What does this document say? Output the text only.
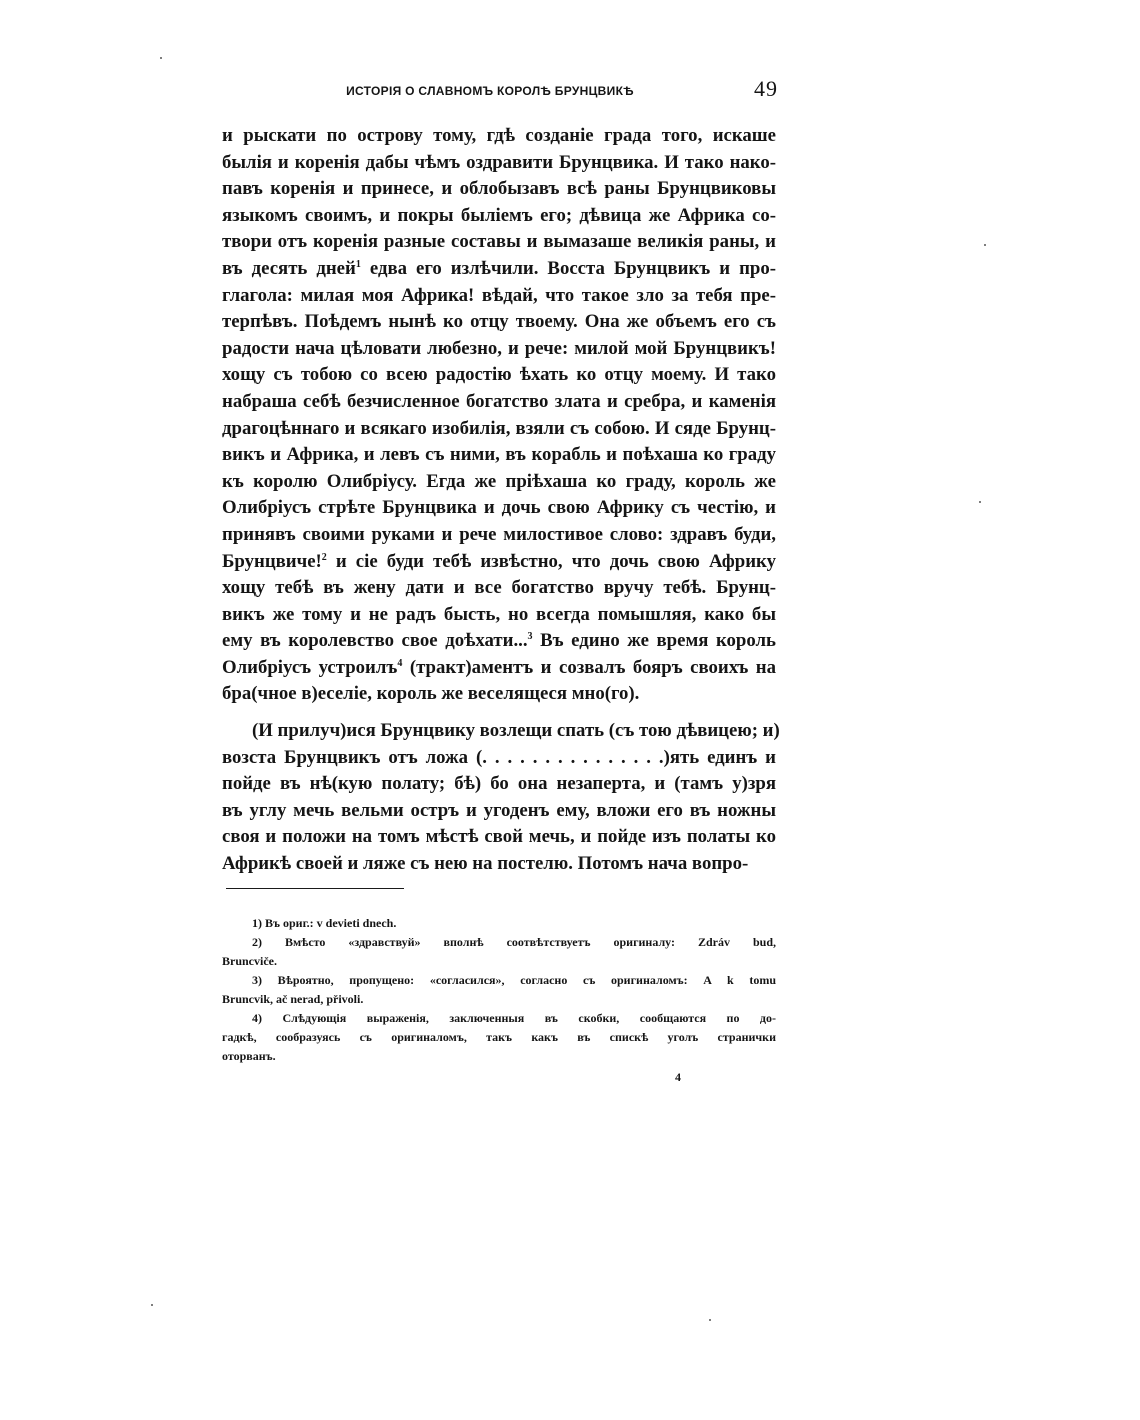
ИСТОРІЯ О СЛАВНОМЪ КОРОЛѢ БРУНЦВИКѢ	49
и рыскати по острову тому, гдѣ созданіе града того, искаше
былія и коренія дабы чѣмъ оздравити Брунцвика. И тако нако-
павъ коренія и принесе, и облобызавъ всѣ раны Брунцвиковы
языкомъ своимъ, и покры быліемъ его; дѣвица же Африка со-
твори отъ коренія разные составы и вымазаше великія раны, и
въ десять дней$^1$ едва его излѣчили. Восста Брунцвикъ и про-
глагола: милая моя Африка! вѣдай, что такое зло за тебя пре-
терпѣвъ. Поѣдемъ нынѣ ко отцу твоему. Она же объемъ его съ
радости нача цѣловати любезно, и рече: милой мой Брунцвикъ!
хощу съ тобою со всею радостію ѣхать ко отцу моему. И тако
набраша себѣ безчисленное богатство злата и сребра, и каменія
драгоцѣннаго и всякаго изобилія, взяли съ собою. И сяде Брунц-
викъ и Африка, и левъ съ ними, въ корабль и поѣхаша ко граду
къ королю Олибріусу. Егда же пріѣхаша ко граду, король же
Олибріусъ стрѣте Брунцвика и дочь свою Африку съ честію, и
принявъ своими руками и рече милостивое слово: здравъ буди,
Брунцвиче!$^2$ и сіе буди тебѣ извѣстно, что дочь свою Африку
хощу тебѣ въ жену дати и все богатство вручу тебѣ. Брунц-
викъ же тому и не радъ бысть, но всегда помышляя, како бы
ему въ королевство свое доѣхати...$^3$ Въ едино же время король
Олибріусъ устроилъ$^4$ (тракт)аментъ и созвалъ бояръ своихъ на
бра(чное в)еселіе, король же веселящеся мно(го).
(И прилуч)ися Брунцвику возлещи спать (съ тою дѣвицею; и)
возста Брунцвикъ отъ ложа (. . . . . . . . . . . . . . .)ять единъ и
пойде въ нѣ(кую полату; бѣ) бо она незаперта, и (тамъ у)зря
въ углу мечь вельми остръ и угоденъ ему, вложи его въ ножны
своя и положи на томъ мѣстѣ свой мечь, и пойде изъ полаты ко
Африкѣ своей и ляже съ нею на постелю. Потомъ нача вопро-
1) Въ ориг.: v devieti dnech.
2) Вмѣсто «здравствуй» вполнѣ соотвѣтствуетъ оригиналу: Zdráv bud,
Bruncviče.
3) Вѣроятно, пропущено: «согласился», согласно съ оригиналомъ: A k tomu
Bruncvik, ač nerad, přivoli.
4) Слѣдующія выраженія, заключенныя въ скобки, сообщаются по до-
гадкѣ, сообразуясь съ оригиналомъ, такъ какъ въ спискѣ уголъ странички
оторванъ.
4
